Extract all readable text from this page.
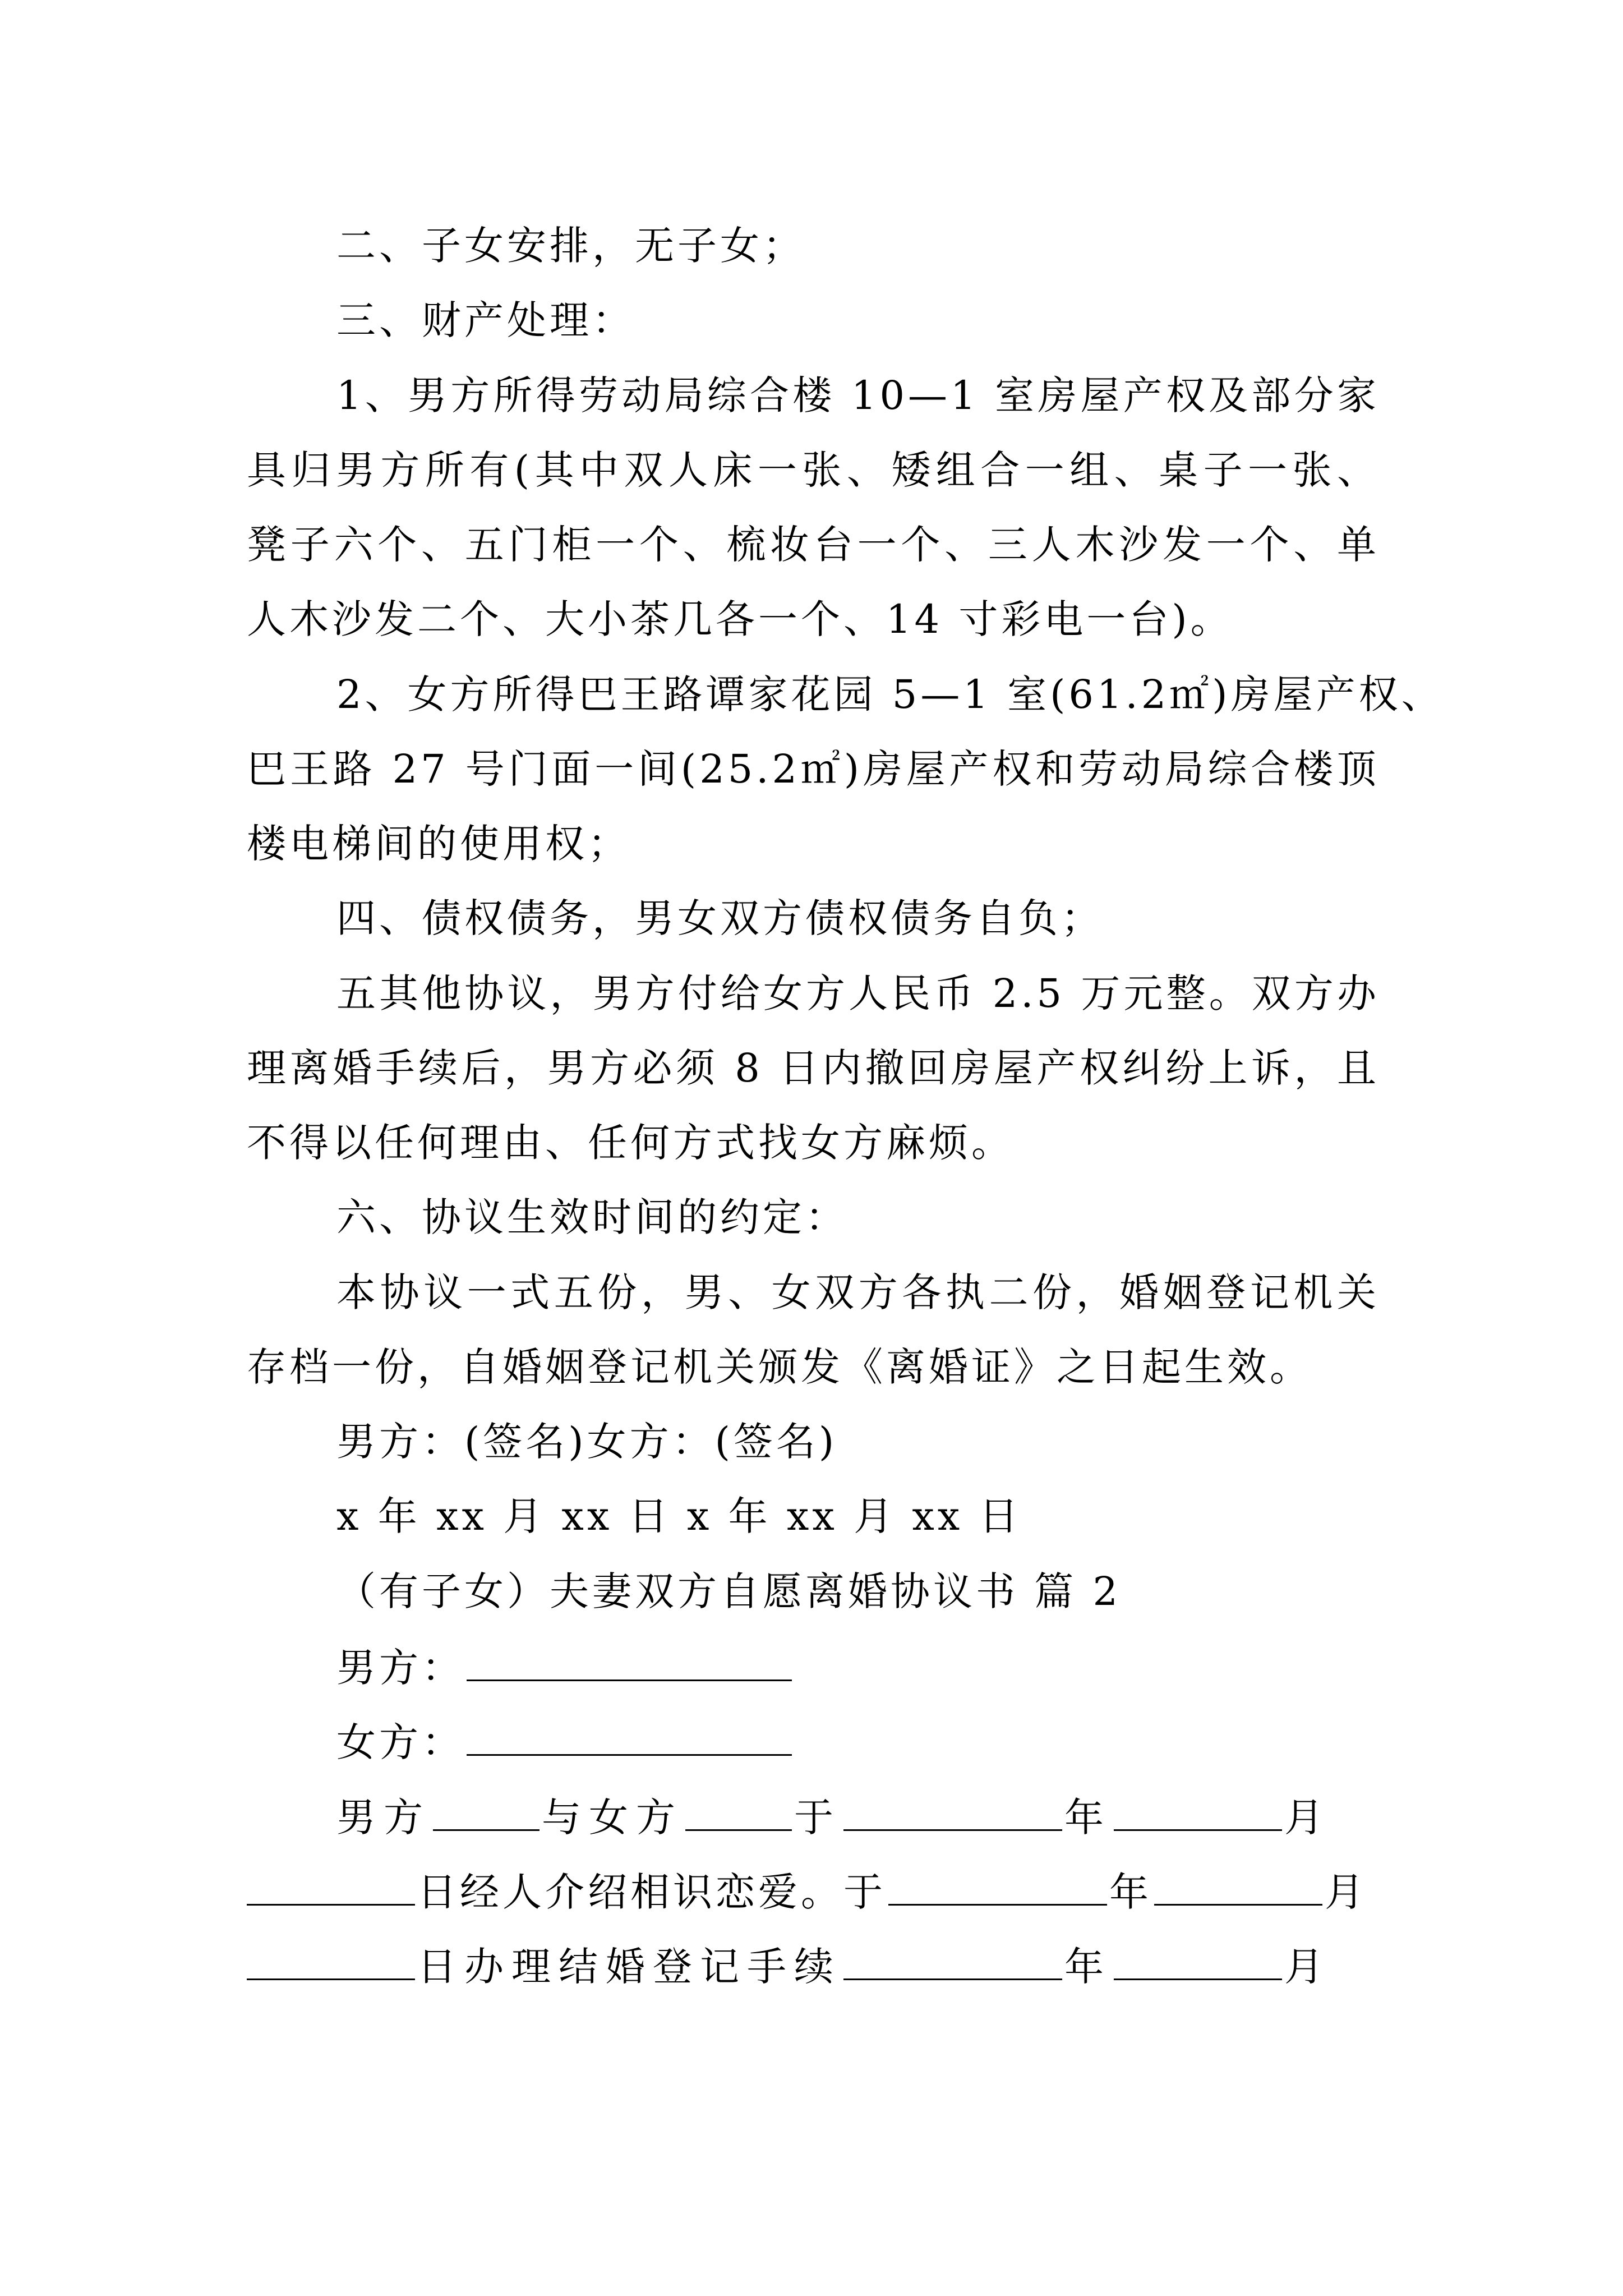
二、子女安排，无子女；
三、财产处理：
1、男方所得劳动局综合楼 10—1 室房屋产权及部分家
具归男方所有(其中双人床一张、矮组合一组、桌子一张、
凳子六个、五门柜一个、梳妆台一个、三人木沙发一个、单
人木沙发二个、大小茶几各一个、14 寸彩电一台)。
2、女方所得巴王路谭家花园 5—1 室(61.2㎡)房屋产权、
巴王路 27 号门面一间(25.2㎡)房屋产权和劳动局综合楼顶
楼电梯间的使用权；
四、债权债务，男女双方债权债务自负；
五其他协议，男方付给女方人民币 2.5 万元整。双方办
理离婚手续后，男方必须 8 日内撤回房屋产权纠纷上诉，且
不得以任何理由、任何方式找女方麻烦。
六、协议生效时间的约定：
本协议一式五份，男、女双方各执二份，婚姻登记机关
存档一份，自婚姻登记机关颁发《离婚证》之日起生效。
男方：(签名)女方：(签名)
x 年 xx 月 xx 日 x 年 xx 月 xx 日
（有子女）夫妻双方自愿离婚协议书 篇 2
男方：
女方：
男方	与女方	于	年	月
日经人介绍相识恋爱。于	年	月
日办理结婚登记手续	年	月
